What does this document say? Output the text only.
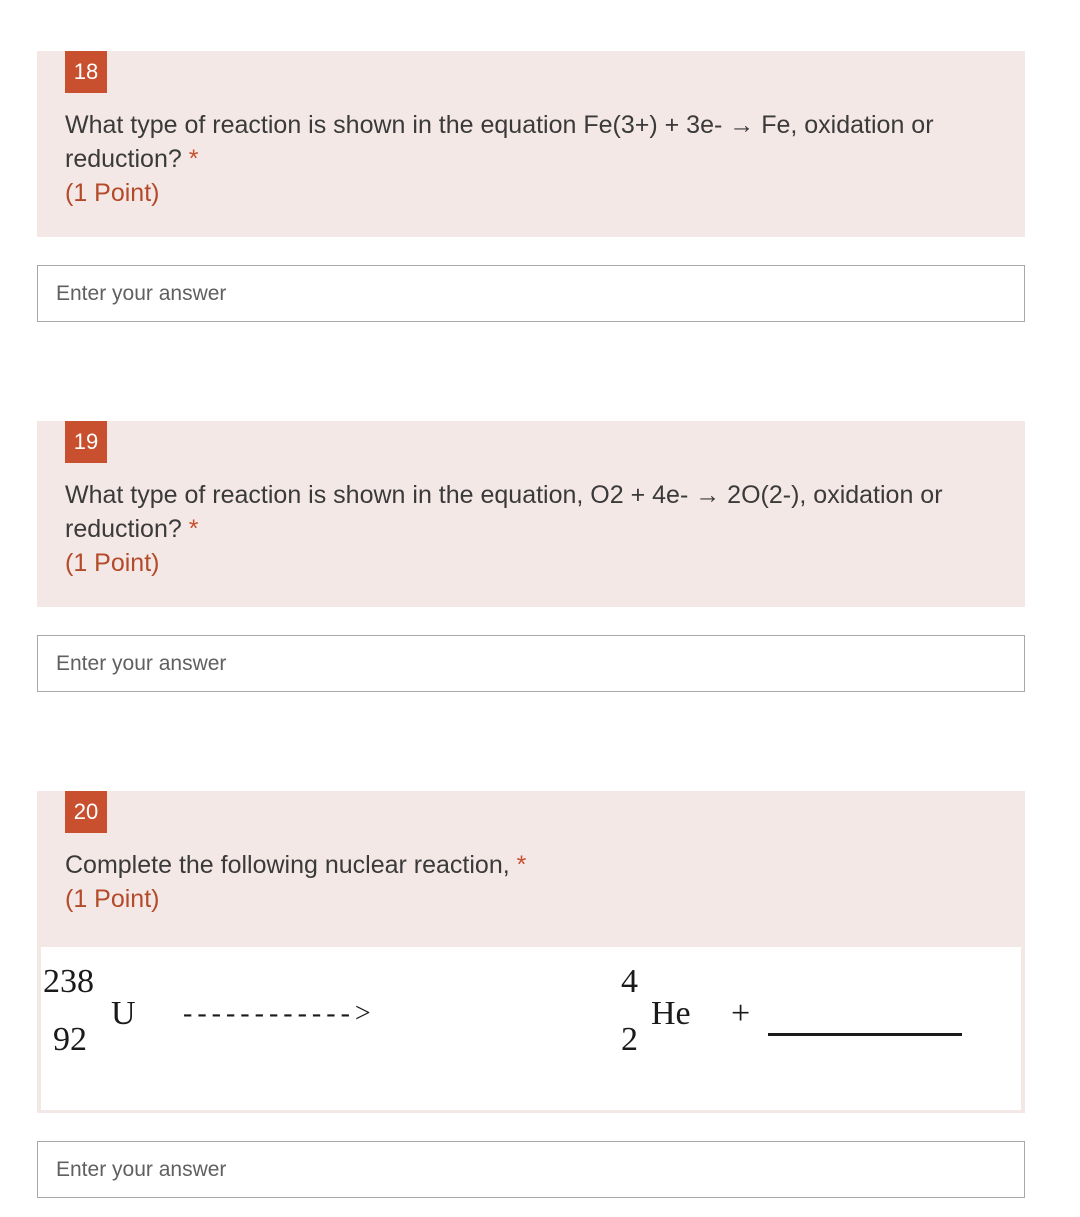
18
What type of reaction is shown in the equation Fe(3+) + 3e- → Fe, oxidation or reduction? *
(1 Point)
Enter your answer
19
What type of reaction is shown in the equation, O2 + 4e- → 2O(2-), oxidation or reduction? *
(1 Point)
Enter your answer
20
Complete the following nuclear reaction, *
(1 Point)
238
92
U - - - - - - - - - - - - >
4
2
He + ________
Enter your answer
